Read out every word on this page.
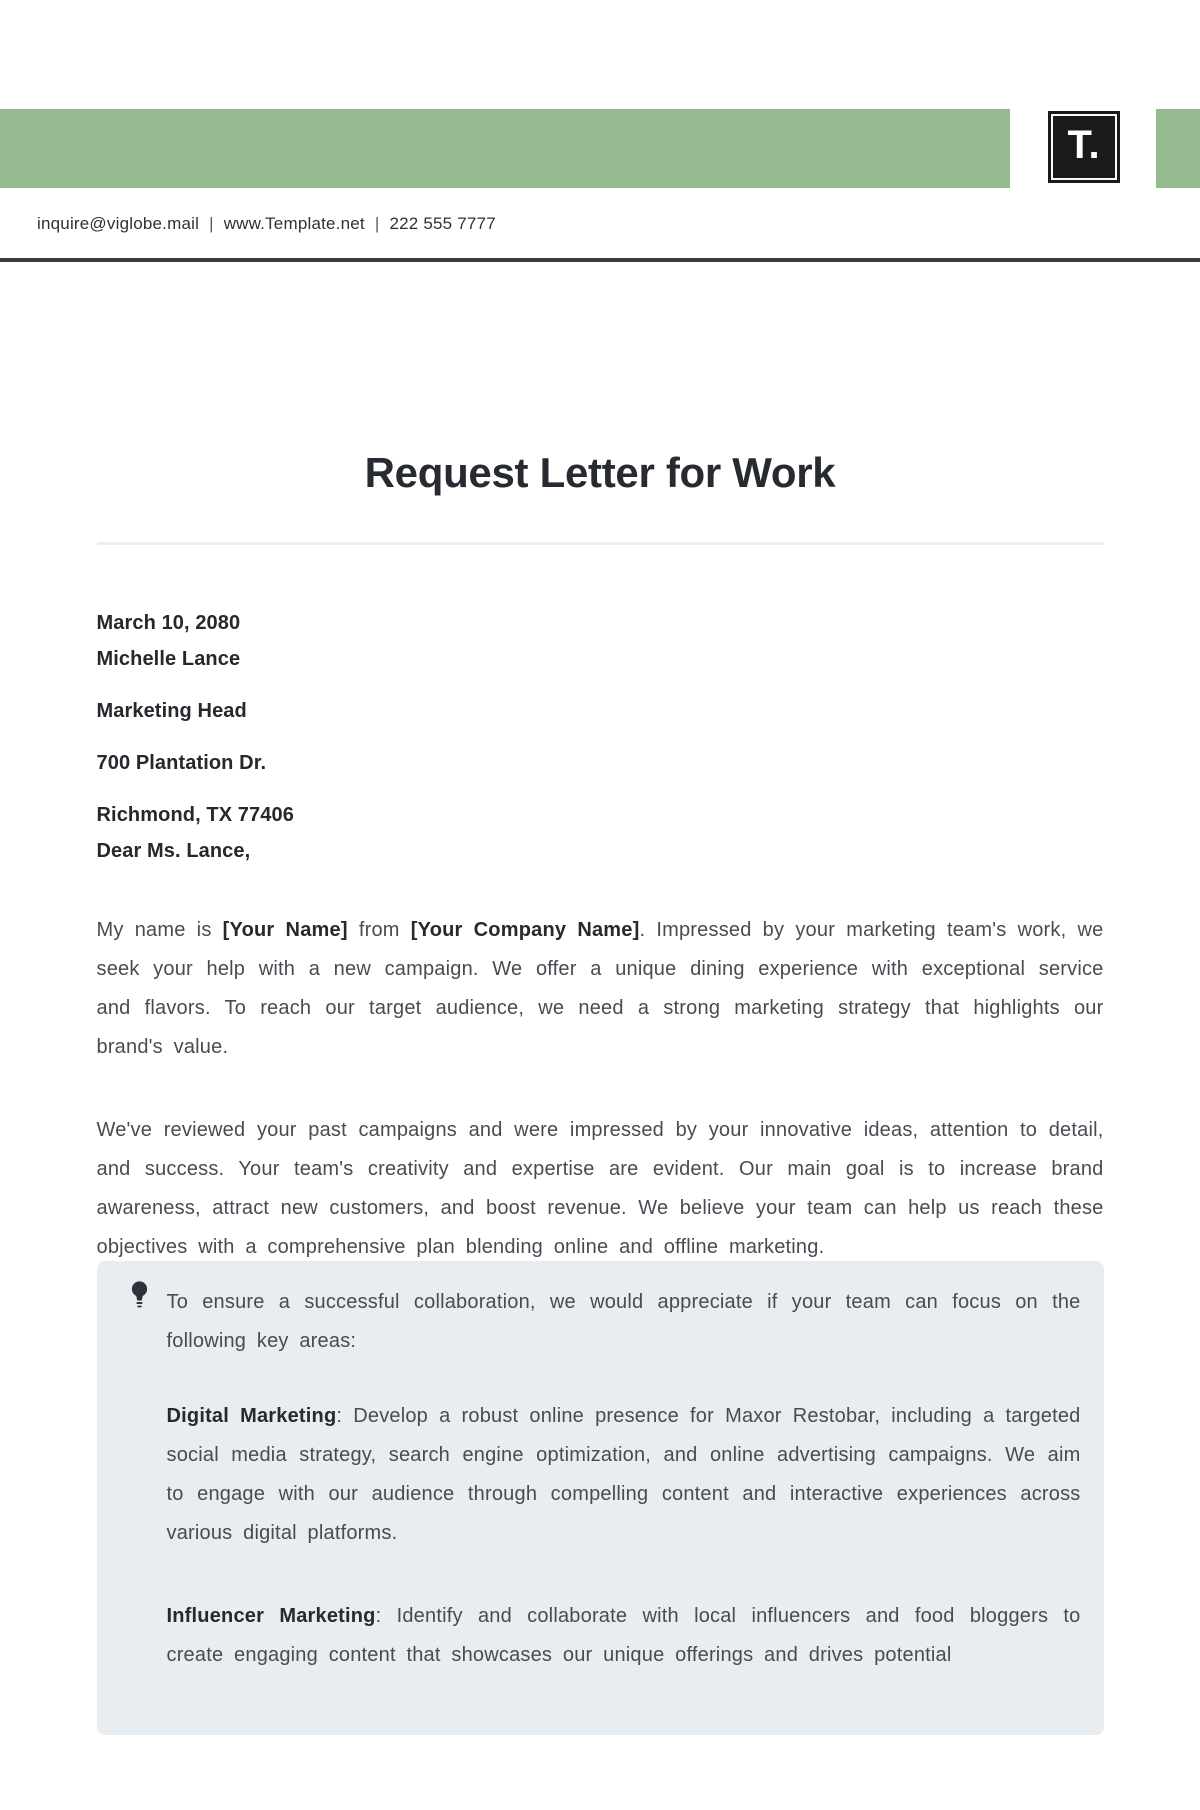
T.
inquire@viglobe.mail | www.Template.net | 222 555 7777
Request Letter for Work

March 10, 2080
Michelle Lance

Marketing Head

700 Plantation Dr.

Richmond, TX 77406
Dear Ms. Lance,

My name is [Your Name] from [Your Company Name]. Impressed by your marketing team's work, we seek your help with a new campaign. We offer a unique dining experience with exceptional service and flavors. To reach our target audience, we need a strong marketing strategy that highlights our brand's value.

We've reviewed your past campaigns and were impressed by your innovative ideas, attention to detail, and success. Your team's creativity and expertise are evident. Our main goal is to increase brand awareness, attract new customers, and boost revenue. We believe your team can help us reach these objectives with a comprehensive plan blending online and offline marketing.

To ensure a successful collaboration, we would appreciate if your team can focus on the following key areas:

Digital Marketing: Develop a robust online presence for Maxor Restobar, including a targeted social media strategy, search engine optimization, and online advertising campaigns. We aim to engage with our audience through compelling content and interactive experiences across various digital platforms.

Influencer Marketing: Identify and collaborate with local influencers and food bloggers to create engaging content that showcases our unique offerings and drives potential
